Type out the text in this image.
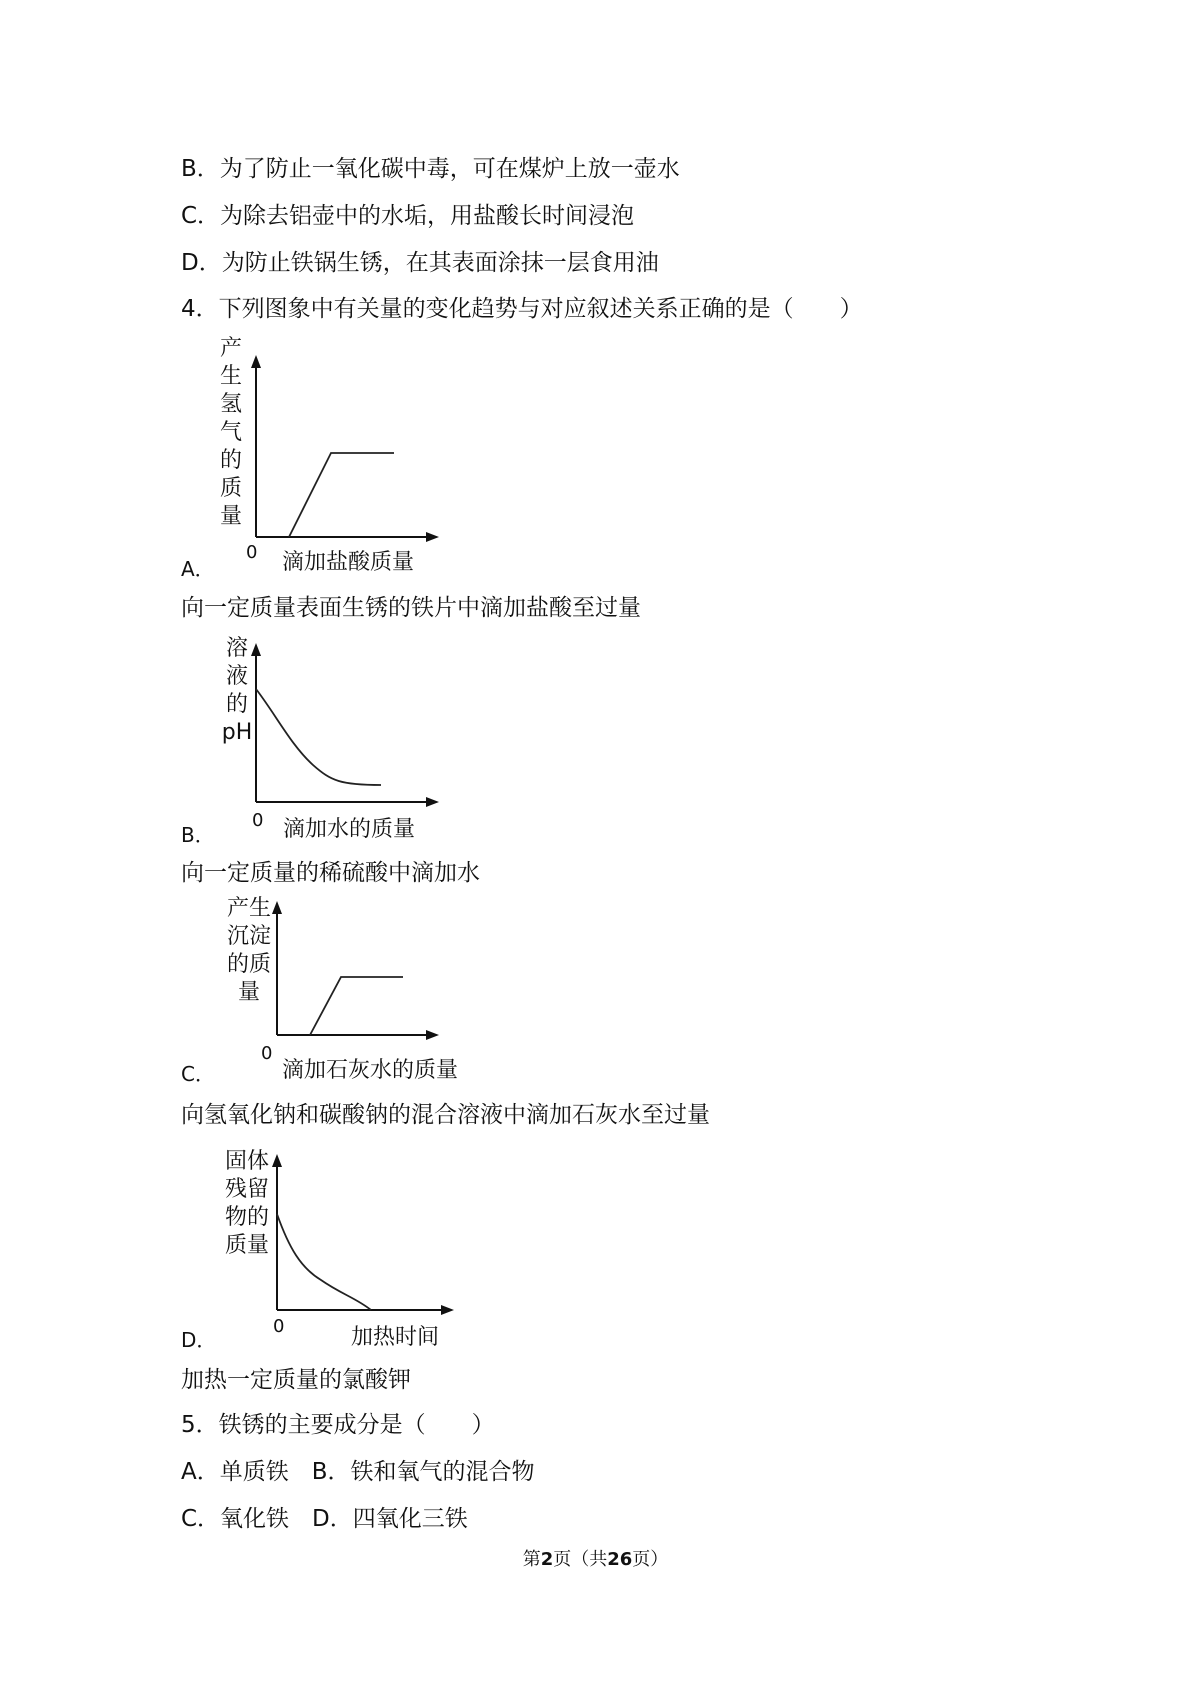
B．为了防止一氧化碳中毒，可在煤炉上放一壶水
C．为除去铝壶中的水垢，用盐酸长时间浸泡
D．为防止铁锅生锈，在其表面涂抹一层食用油
4．下列图象中有关量的变化趋势与对应叙述关系正确的是（　　）
产
生
氢
气
的
质
量
0 滴加盐酸质量
A．
向一定质量表面生锈的铁片中滴加盐酸至过量
溶
液
的
pH
0 滴加水的质量
B．
向一定质量的稀硫酸中滴加水
产生
沉淀
的质
量
0
滴加石灰水的质量
C．
向氢氧化钠和碳酸钠的混合溶液中滴加石灰水至过量
固体
残留
物的
质量
0	加热时间
D．
加热一定质量的氯酸钾
5．铁锈的主要成分是（　　）
A．单质铁　B．铁和氧气的混合物
C．氧化铁　D．四氧化三铁
第2页（共26页）
